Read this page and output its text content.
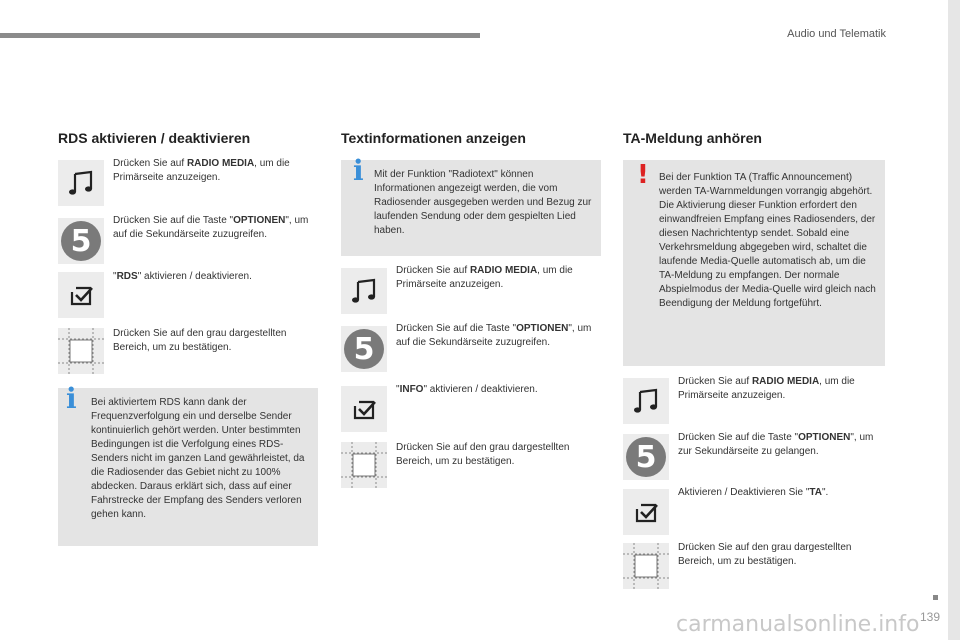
Audio und Telematik
RDS aktivieren / deaktivieren
Drücken Sie auf RADIO MEDIA, um die Primärseite anzuzeigen.
5
Drücken Sie auf die Taste "OPTIONEN", um auf die Sekundärseite zuzugreifen.
"RDS" aktivieren / deaktivieren.
Drücken Sie auf den grau dargestellten Bereich, um zu bestätigen.
i Bei aktiviertem RDS kann dank der Frequenzverfolgung ein und derselbe Sender kontinuierlich gehört werden. Unter bestimmten Bedingungen ist die Verfolgung eines RDS-Senders nicht im ganzen Land gewährleistet, da die Radiosender das Gebiet nicht zu 100% abdecken. Daraus erklärt sich, dass auf einer Fahrstrecke der Empfang des Senders verloren gehen kann.
Textinformationen anzeigen
i Mit der Funktion "Radiotext" können Informationen angezeigt werden, die vom Radiosender ausgegeben werden und Bezug zur laufenden Sendung oder dem gespielten Lied haben.
Drücken Sie auf RADIO MEDIA, um die Primärseite anzuzeigen.
5
Drücken Sie auf die Taste "OPTIONEN", um auf die Sekundärseite zuzugreifen.
"INFO" aktivieren / deaktivieren.
Drücken Sie auf den grau dargestellten Bereich, um zu bestätigen.
TA-Meldung anhören
! Bei der Funktion TA (Traffic Announcement) werden TA-Warnmeldungen vorrangig abgehört. Die Aktivierung dieser Funktion erfordert den einwandfreien Empfang eines Radiosenders, der diesen Nachrichtentyp sendet. Sobald eine Verkehrsmeldung abgegeben wird, schaltet die laufende Media-Quelle automatisch ab, um die TA-Meldung zu empfangen. Der normale Abspielmodus der Media-Quelle wird gleich nach Beendigung der Meldung fortgeführt.
Drücken Sie auf RADIO MEDIA, um die Primärseite anzuzeigen.
5
Drücken Sie auf die Taste "OPTIONEN", um zur Sekundärseite zu gelangen.
Aktivieren / Deaktivieren Sie "TA".
Drücken Sie auf den grau dargestellten Bereich, um zu bestätigen.
139
carmanualsonline.info
